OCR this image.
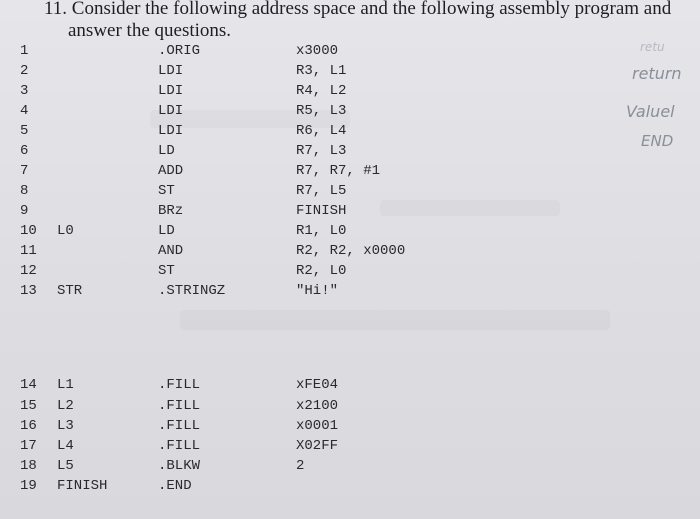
11. Consider the following address space and the following assembly program and
answer the questions.
1	.ORIG	x3000
2	LDI	R3, L1
3	LDI	R4, L2
4	LDI	R5, L3
5	LDI	R6, L4
6	LD	R7, L3
7	ADD	R7, R7, #1
8	ST	R7, L5
9	BRz	FINISH
10 L0	LD	R1, L0
11	AND	R2, R2, x0000
12	ST	R2, L0
13 STR	.STRINGZ	"Hi!"
14 L1	.FILL	xFE04
15 L2	.FILL	x2100
16 L3	.FILL	x0001
17 L4	.FILL	X02FF
18 L5	.BLKW	2
19 FINISH	.END
retu
return
Valuel
END
